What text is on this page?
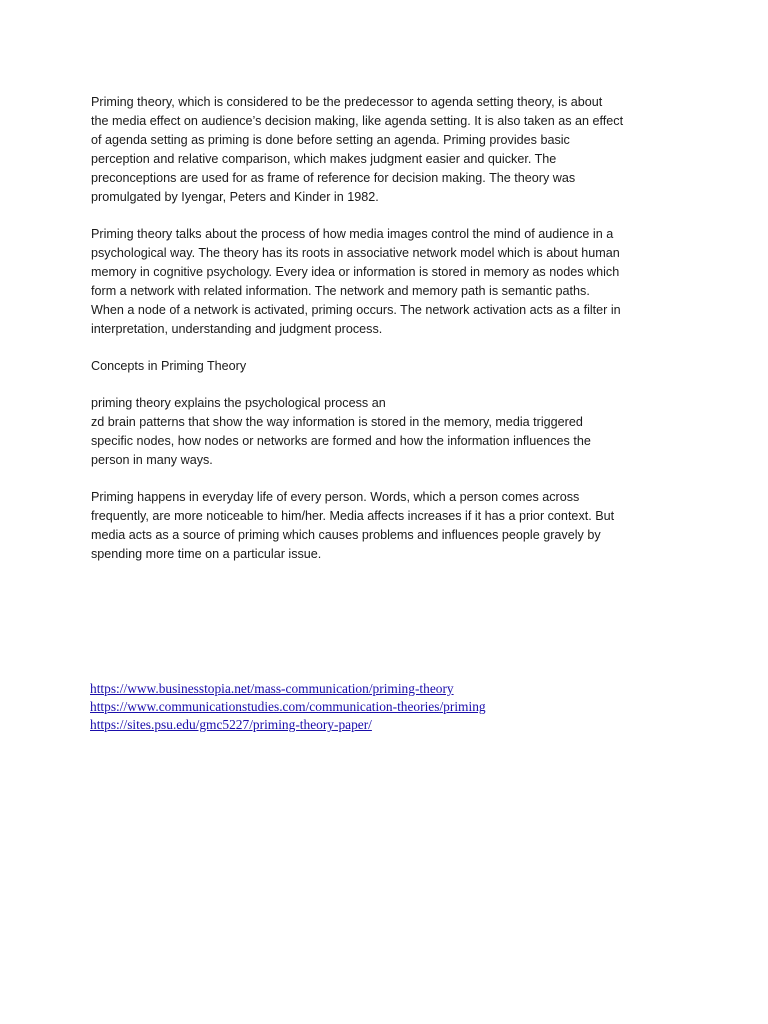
Priming theory, which is considered to be the predecessor to agenda setting theory, is about
the media effect on audience’s decision making, like agenda setting. It is also taken as an effect
of agenda setting as priming is done before setting an agenda. Priming provides basic
perception and relative comparison, which makes judgment easier and quicker. The
preconceptions are used for as frame of reference for decision making. The theory was
promulgated by Iyengar, Peters and Kinder in 1982.

Priming theory talks about the process of how media images control the mind of audience in a
psychological way. The theory has its roots in associative network model which is about human
memory in cognitive psychology. Every idea or information is stored in memory as nodes which
form a network with related information. The network and memory path is semantic paths.
When a node of a network is activated, priming occurs. The network activation acts as a filter in
interpretation, understanding and judgment process.

Concepts in Priming Theory

priming theory explains the psychological process an
zd brain patterns that show the way information is stored in the memory, media triggered
specific nodes, how nodes or networks are formed and how the information influences the
person in many ways.

Priming happens in everyday life of every person. Words, which a person comes across
frequently, are more noticeable to him/her. Media affects increases if it has a prior context. But
media acts as a source of priming which causes problems and influences people gravely by
spending more time on a particular issue.

https://www.businesstopia.net/mass-communication/priming-theory
https://www.communicationstudies.com/communication-theories/priming
https://sites.psu.edu/gmc5227/priming-theory-paper/
